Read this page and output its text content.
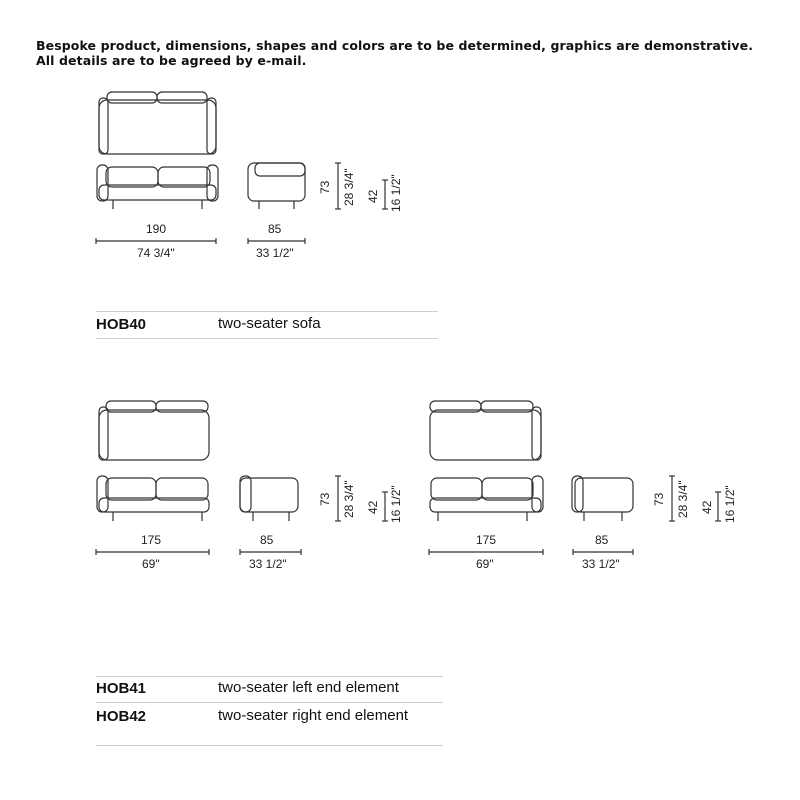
Bespoke product, dimensions, shapes and colors are to be determined, graphics are demonstrative.
All details are to be agreed by e-mail.
190
74 3/4"
85
33 1/2"
73 28 3/4" 42 16 1/2"
HOB40	two-seater sofa
175
69"
85
33 1/2"
73 28 3/4" 42 16 1/2"
175
69"
85
33 1/2"
73 28 3/4" 42 16 1/2"
HOB41	two-seater left end element
HOB42	two-seater right end element
